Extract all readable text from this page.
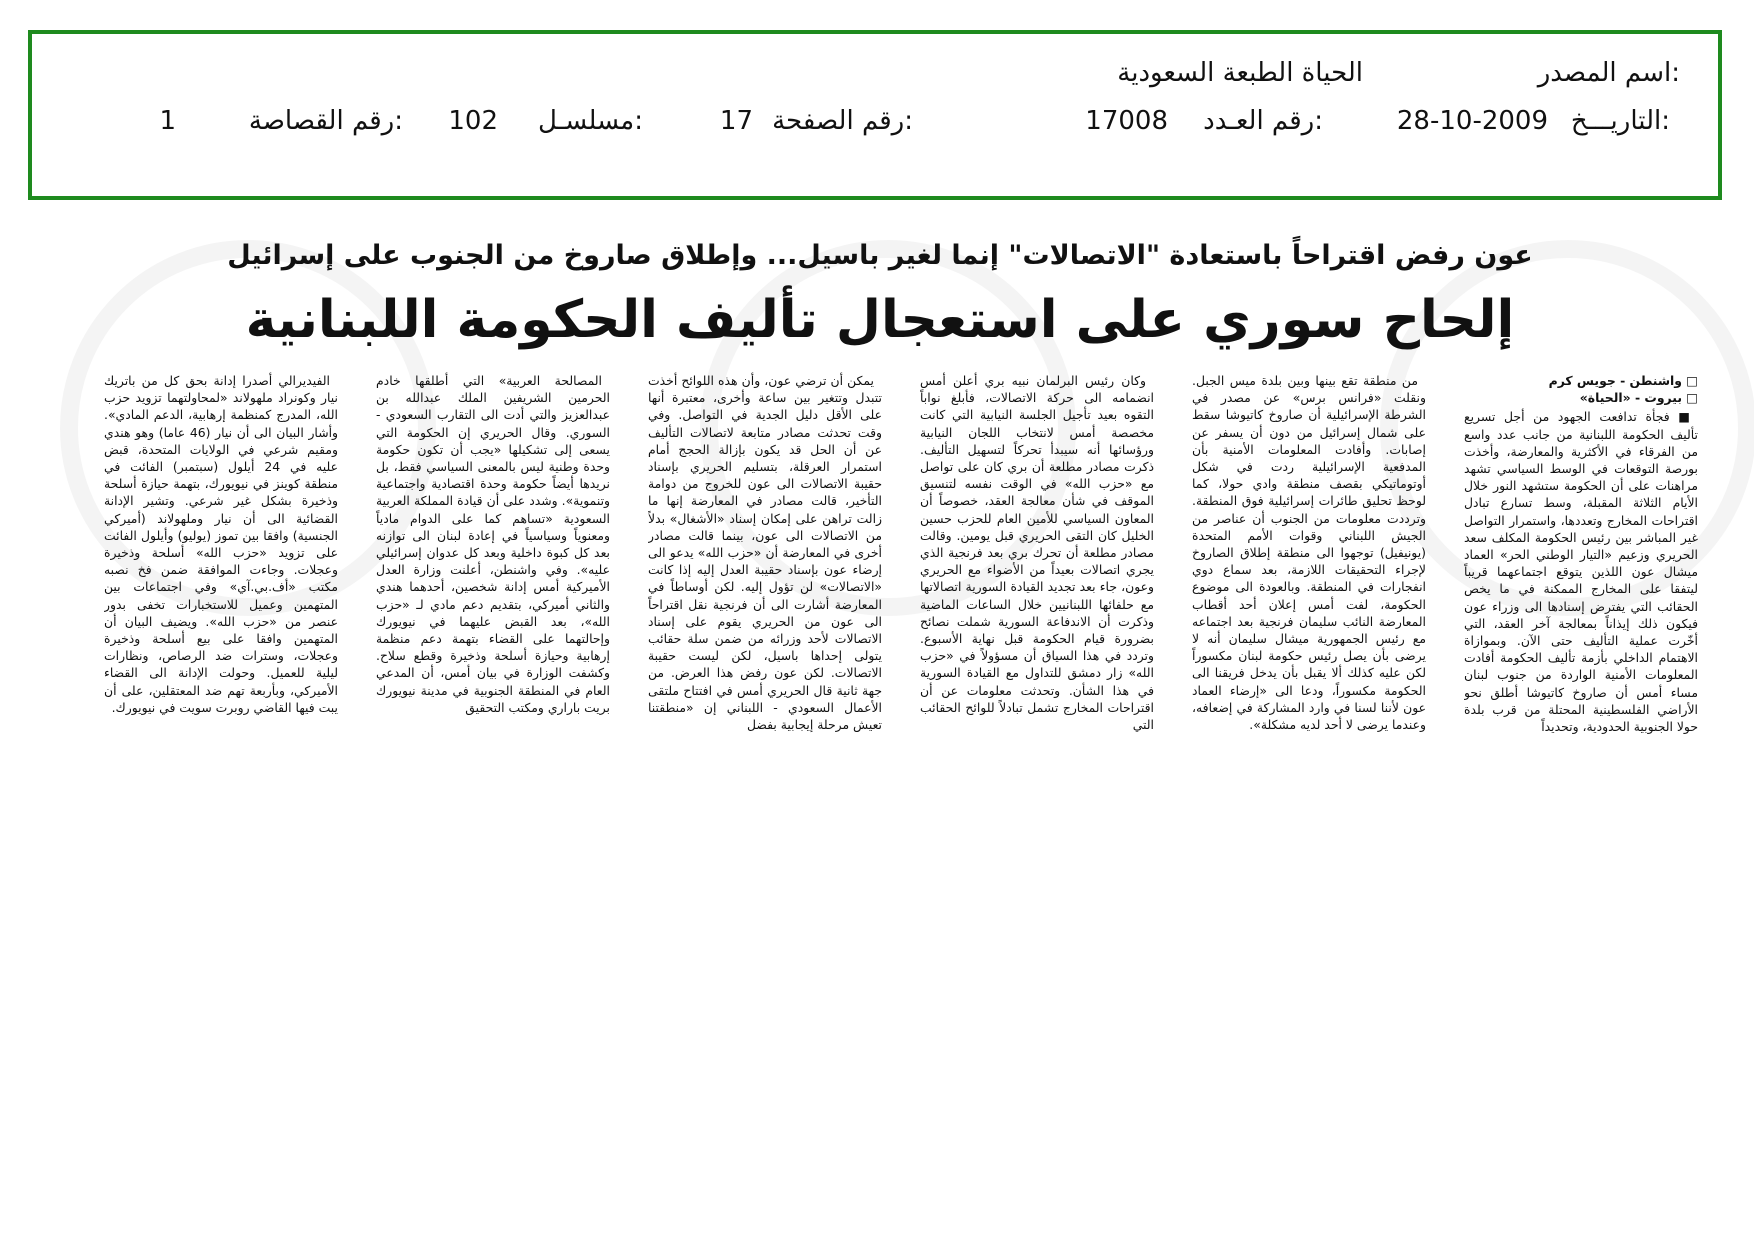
اسم المصدر:
الحياة الطبعة السعودية
التاريـــخ:
28-10-2009
رقم العـدد:
17008
رقم الصفحة:
17
مسلسـل:
102
رقم القصاصة:
1
عون رفض اقتراحاً باستعادة "الاتصالات" إنما لغير باسيل... وإطلاق صاروخ من الجنوب على إسرائيل
إلحاح سوري على استعجال تأليف الحكومة اللبنانية

□ واشنطن - جويس كرم
□ بيروت - «الحياة»

■ فجأة تدافعت الجهود من أجل تسريع تأليف الحكومة اللبنانية من جانب عدد واسع من الفرقاء في الأكثرية والمعارضة، وأخذت بورصة التوقعات في الوسط السياسي تشهد مراهنات على أن الحكومة ستشهد النور خلال الأيام الثلاثة المقبلة، وسط تسارع تبادل اقتراحات المخارج وتعددها، واستمرار التواصل غير المباشر بين رئيس الحكومة المكلف سعد الحريري وزعيم «التيار الوطني الحر» العماد ميشال عون اللذين يتوقع اجتماعهما قريباً ليتفقا على المخارج الممكنة في ما يخص الحقائب التي يفترض إسنادها الى وزراء عون فيكون ذلك إيذاناً بمعالجة آخر العقد، التي أخّرت عملية التأليف حتى الآن. وبموازاة الاهتمام الداخلي بأزمة تأليف الحكومة أفادت المعلومات الأمنية الواردة من جنوب لبنان مساء أمس أن صاروخ كاتيوشا أطلق نحو الأراضي الفلسطينية المحتلة من قرب بلدة حولا الجنوبية الحدودية، وتحديداً

من منطقة تقع بينها وبين بلدة ميس الجبل. ونقلت «فرانس برس» عن مصدر في الشرطة الإسرائيلية أن صاروخ كاتيوشا سقط على شمال إسرائيل من دون أن يسفر عن إصابات. وأفادت المعلومات الأمنية بأن المدفعية الإسرائيلية ردت في شكل أوتوماتيكي بقصف منطقة وادي حولا، كما لوحظ تحليق طائرات إسرائيلية فوق المنطقة. وترددت معلومات من الجنوب أن عناصر من الجيش اللبناني وقوات الأمم المتحدة (يونيفيل) توجهوا الى منطقة إطلاق الصاروخ لإجراء التحقيقات اللازمة، بعد سماع دوي انفجارات في المنطقة. وبالعودة الى موضوع الحكومة، لفت أمس إعلان أحد أقطاب المعارضة النائب سليمان فرنجية بعد اجتماعه مع رئيس الجمهورية ميشال سليمان أنه لا يرضى بأن يصل رئيس حكومة لبنان مكسوراً لكن عليه كذلك ألا يقبل بأن يدخل فريقنا الى الحكومة مكسوراً، ودعا الى «إرضاء العماد عون لأننا لسنا في وارد المشاركة في إضعافه، وعندما يرضى لا أحد لديه مشكلة».

وكان رئيس البرلمان نبيه بري أعلن أمس انضمامه الى حركة الاتصالات، فأبلغ نواباً التقوه بعيد تأجيل الجلسة النيابية التي كانت مخصصة أمس لانتخاب اللجان النيابية ورؤسائها أنه سيبدأ تحركاً لتسهيل التأليف. ذكرت مصادر مطلعة أن بري كان على تواصل مع «حزب الله» في الوقت نفسه لتنسيق الموقف في شأن معالجة العقد، خصوصاً أن المعاون السياسي للأمين العام للحزب حسين الخليل كان التقى الحريري قبل يومين. وقالت مصادر مطلعة أن تحرك بري بعد فرنجية الذي يجري اتصالات بعيداً من الأضواء مع الحريري وعون، جاء بعد تجديد القيادة السورية اتصالاتها مع حلفائها اللبنانيين خلال الساعات الماضية وذكرت أن الاندفاعة السورية شملت نصائح بضرورة قيام الحكومة قبل نهاية الأسبوع. وتردد في هذا السياق أن مسؤولاً في «حزب الله» زار دمشق للتداول مع القيادة السورية في هذا الشأن. وتحدثت معلومات عن أن اقتراحات المخارج تشمل تبادلاً للوائح الحقائب التي

يمكن أن ترضي عون، وأن هذه اللوائح أخذت تتبدل وتتغير بين ساعة وأخرى، معتبرة أنها على الأقل دليل الجدية في التواصل. وفي وقت تحدثت مصادر متابعة لاتصالات التأليف عن أن الحل قد يكون بإزالة الحجج أمام استمرار العرقلة، بتسليم الحريري بإسناد حقيبة الاتصالات الى عون للخروج من دوامة التأخير، قالت مصادر في المعارضة إنها ما زالت تراهن على إمكان إسناد «الأشغال» بدلاً من الاتصالات الى عون، بينما قالت مصادر أخرى في المعارضة أن «حزب الله» يدعو الى إرضاء عون بإسناد حقيبة العدل إليه إذا كانت «الاتصالات» لن تؤول إليه. لكن أوساطاً في المعارضة أشارت الى أن فرنجية نقل اقتراحاً الى عون من الحريري يقوم على إسناد الاتصالات لأحد وزرائه من ضمن سلة حقائب يتولى إحداها باسيل، لكن ليست حقيبة الاتصالات. لكن عون رفض هذا العرض. من جهة ثانية قال الحريري أمس في افتتاح ملتقى الأعمال السعودي - اللبناني إن «منطقتنا تعيش مرحلة إيجابية بفضل

المصالحة العربية» التي أطلقها خادم الحرمين الشريفين الملك عبدالله بن عبدالعزيز والتي أدت الى التقارب السعودي - السوري. وقال الحريري إن الحكومة التي يسعى إلى تشكيلها «يجب أن تكون حكومة وحدة وطنية ليس بالمعنى السياسي فقط، بل نريدها أيضاً حكومة وحدة اقتصادية واجتماعية وتنموية». وشدد على أن قيادة المملكة العربية السعودية «تساهم كما على الدوام مادياً ومعنوياً وسياسياً في إعادة لبنان الى توازنه بعد كل كبوة داخلية وبعد كل عدوان إسرائيلي عليه». وفي واشنطن، أعلنت وزارة العدل الأميركية أمس إدانة شخصين، أحدهما هندي والثاني أميركي، بتقديم دعم مادي لـ «حزب الله»، بعد القبض عليهما في نيويورك وإحالتهما على القضاء بتهمة دعم منظمة إرهابية وحيازة أسلحة وذخيرة وقطع سلاح. وكشفت الوزارة في بيان أمس، أن المدعي العام في المنطقة الجنوبية في مدينة نيويورك بريت باراري ومكتب التحقيق

الفيديرالي أصدرا إدانة بحق كل من باتريك نيار وكونراد ملهولاند «لمحاولتهما تزويد حزب الله، المدرج كمنظمة إرهابية، الدعم المادي». وأشار البيان الى أن نيار (46 عاما) وهو هندي ومقيم شرعي في الولايات المتحدة، قبض عليه في 24 أيلول (سبتمبر) الفائت في منطقة كوينز في نيويورك، بتهمة حيازة أسلحة وذخيرة بشكل غير شرعي. وتشير الإدانة القضائية الى أن نيار وملهولاند (أميركي الجنسية) وافقا بين تموز (يوليو) وأيلول الفائت على تزويد «حزب الله» أسلحة وذخيرة وعجلات. وجاءت الموافقة ضمن فخ نصبه مكتب «أف.بي.آي» وفي اجتماعات بين المتهمين وعميل للاستخبارات تخفى بدور عنصر من «حزب الله». ويضيف البيان أن المتهمين وافقا على بيع أسلحة وذخيرة وعجلات، وسترات ضد الرصاص، ونظارات ليلية للعميل. وحولت الإدانة الى القضاء الأميركي، وبأربعة تهم ضد المعتقلين، على أن يبت فيها القاضي روبرت سويت في نيويورك.
